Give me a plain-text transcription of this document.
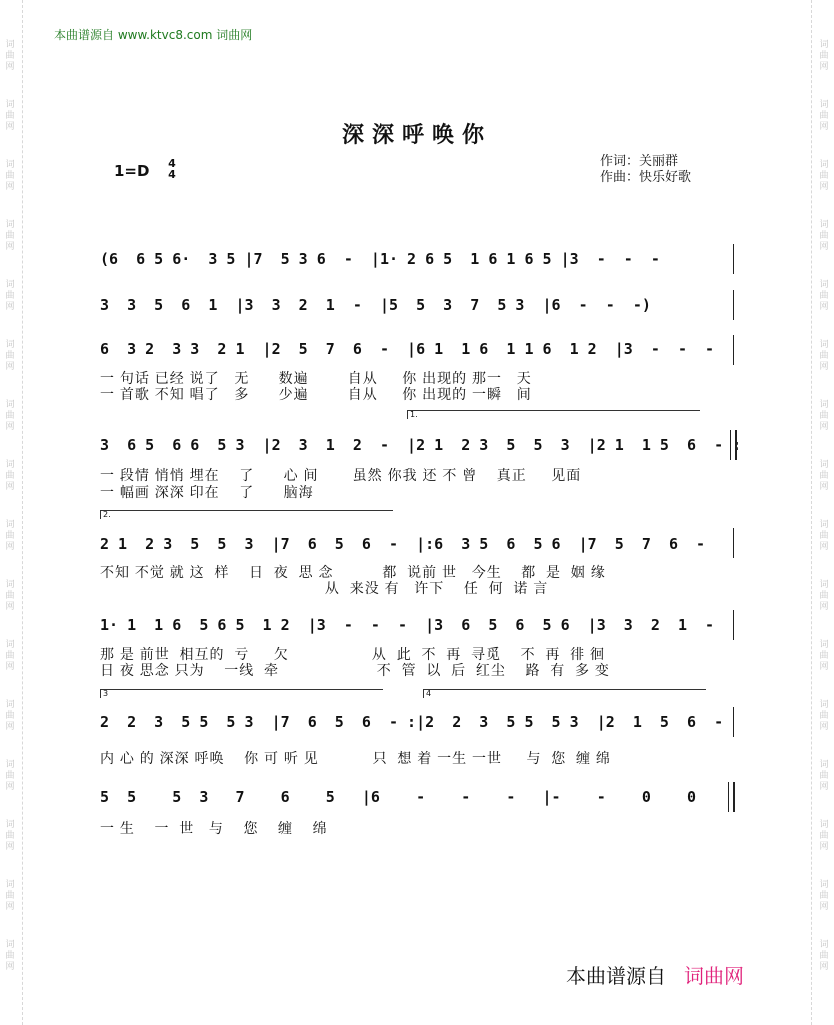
词
曲
网
词
曲
网
词
曲
网
词
曲
网
词
曲
网
词
曲
网
词
曲
网
词
曲
网
词
曲
网
词
曲
网
词
曲
网
词
曲
网
词
曲
网
词
曲
网
词
曲
网
词
曲
网
词
曲
网
词
曲
网
词
曲
网
词
曲
网
词
曲
网
词
曲
网
词
曲
网
词
曲
网
词
曲
网
词
曲
网
词
曲
网
词
曲
网
词
曲
网
词
曲
网
词
曲
网
词
曲
网
本曲谱源自 www.ktvc8.com 词曲网
深深呼唤你
1=D 4
4
作词：关丽群
作曲：快乐好歌
(6  6 5 6·  3 5 |7  5 3 6  -  |1· 2 6 5  1 6 1 6 5 |3  -  -  -
3  3  5  6  1  |3  3  2  1  -  |5  5  3  7  5 3  |6  -  -  -)
6  3 2  3 3  2 1  |2  5  7  6  -  |6 1  1 6  1 1 6  1 2  |3  -  -  -
一 句话 已经 说了   无      数遍        自从     你 出现的 那一   天
一 首歌 不知 唱了   多      少遍        自从     你 出现的 一瞬   间
1.
3  6 5  6 6  5 3  |2  3  1  2  -  |2 1  2 3  5  5  3  |2 1  1 5  6  - :
一 段情 悄悄 埋在    了      心 间       虽然 你我 还 不 曾    真正     见面
一 幅画 深深 印在    了      脑海
2.
2 1  2 3  5  5  3  |7  6  5  6  -  |:6  3 5  6  5 6  |7  5  7  6  -
不知 不觉 就 这  样    日  夜  思 念          都  说前 世   今生    都  是  姻 缘
从  来没 有   许下    任  何  诺 言
1· 1  1 6  5 6 5  1 2  |3  -  -  -  |3  6  5  6  5 6  |3  3  2  1  -
那 是 前世  相互的  亏     欠                 从  此  不  再  寻觅    不  再  徘 徊
日 夜 思念 只为    一线  牵                    不  管  以  后  红尘    路  有  多 变
3	4
2  2  3  5 5  5 3  |7  6  5  6  - :|2  2  3  5 5  5 3  |2  1  5  6  -
内 心 的 深深 呼唤    你 可 听 见           只  想 着 一生 一世     与  您  缠 绵
5  5    5  3   7    6    5   |6    -    -    -   |-    -    0    0
一 生    一  世   与    您    缠    绵
本曲谱源自 词曲网
